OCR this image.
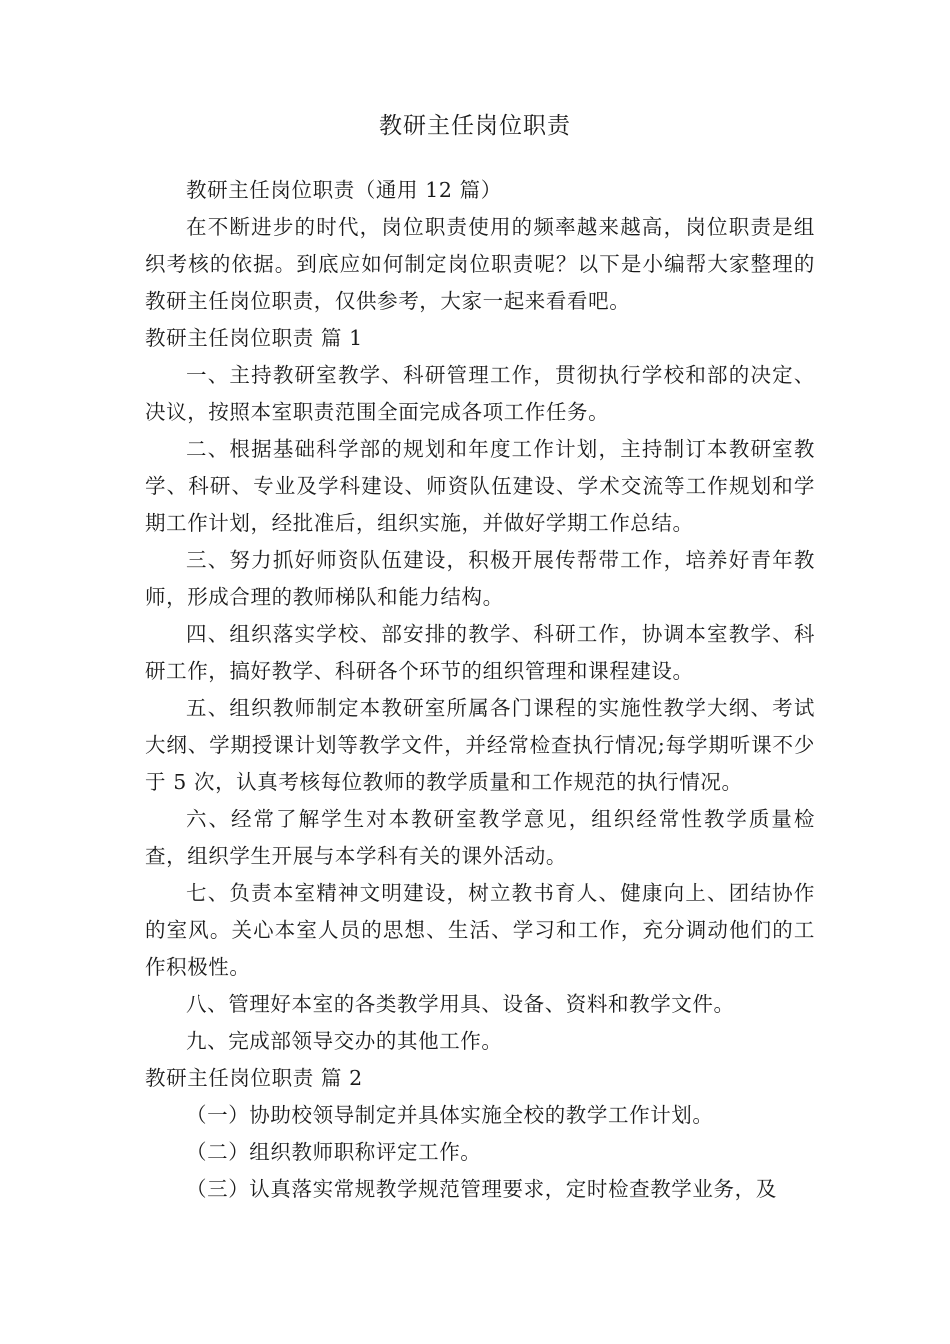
教研主任岗位职责

教研主任岗位职责（通用 12 篇）

在不断进步的时代，岗位职责使用的频率越来越高，岗位职责是组织考核的依据。到底应如何制定岗位职责呢？以下是小编帮大家整理的教研主任岗位职责，仅供参考，大家一起来看看吧。

教研主任岗位职责 篇 1

一、主持教研室教学、科研管理工作，贯彻执行学校和部的决定、决议，按照本室职责范围全面完成各项工作任务。

二、根据基础科学部的规划和年度工作计划，主持制订本教研室教学、科研、专业及学科建设、师资队伍建设、学术交流等工作规划和学期工作计划，经批准后，组织实施，并做好学期工作总结。

三、努力抓好师资队伍建设，积极开展传帮带工作，培养好青年教师，形成合理的教师梯队和能力结构。

四、组织落实学校、部安排的教学、科研工作，协调本室教学、科研工作，搞好教学、科研各个环节的组织管理和课程建设。

五、组织教师制定本教研室所属各门课程的实施性教学大纲、考试大纲、学期授课计划等教学文件，并经常检查执行情况;每学期听课不少于 5 次，认真考核每位教师的教学质量和工作规范的执行情况。

六、经常了解学生对本教研室教学意见，组织经常性教学质量检查，组织学生开展与本学科有关的课外活动。

七、负责本室精神文明建设，树立教书育人、健康向上、团结协作的室风。关心本室人员的思想、生活、学习和工作，充分调动他们的工作积极性。

八、管理好本室的各类教学用具、设备、资料和教学文件。

九、完成部领导交办的其他工作。

教研主任岗位职责 篇 2

（一）协助校领导制定并具体实施全校的教学工作计划。

（二）组织教师职称评定工作。

（三）认真落实常规教学规范管理要求，定时检查教学业务，及
